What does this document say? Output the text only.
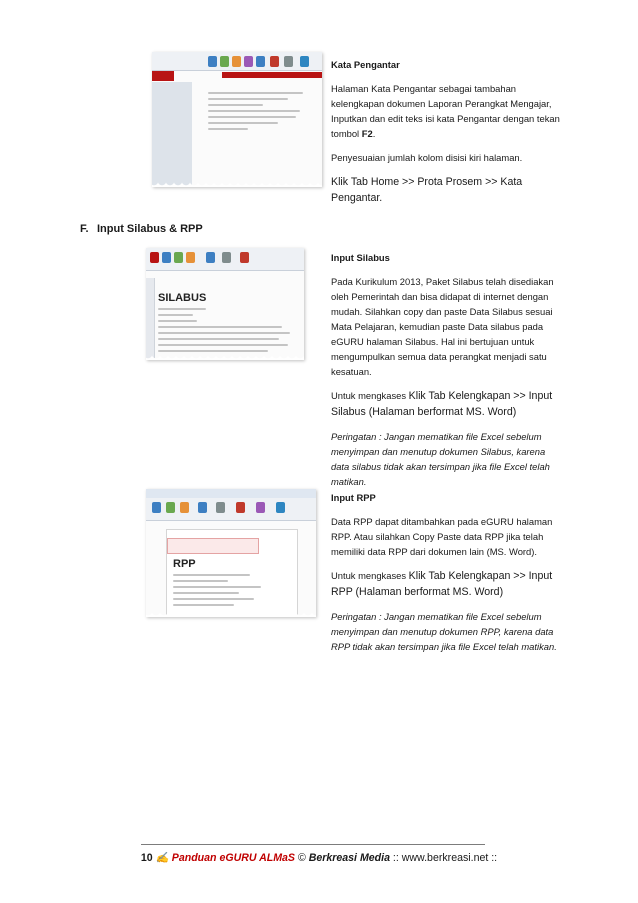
Kata Pengantar

Halaman Kata Pengantar sebagai tambahan kelengkapan dokumen Laporan Perangkat Mengajar, Inputkan dan edit teks isi kata Pengantar dengan tekan tombol F2.

Penyesuaian jumlah kolom disisi kiri halaman.

Klik Tab Home >> Prota Prosem >> Kata Pengantar.

F. Input Silabus & RPP
SILABUS

Input Silabus

Pada Kurikulum 2013, Paket Silabus telah disediakan oleh Pemerintah dan bisa didapat di internet dengan mudah. Silahkan copy dan paste Data Silabus sesuai Mata Pelajaran, kemudian paste Data silabus pada eGURU halaman Silabus. Hal ini bertujuan untuk mengumpulkan semua data perangkat menjadi satu kesatuan.

Untuk mengkases Klik Tab Kelengkapan >> Input Silabus (Halaman berformat MS. Word)

Peringatan : Jangan mematikan file Excel sebelum menyimpan dan menutup dokumen Silabus, karena data silabus tidak akan tersimpan jika file Excel telah matikan.

RPP

Input RPP

Data RPP dapat ditambahkan pada eGURU halaman RPP. Atau silahkan Copy Paste data RPP jika telah memiliki data RPP dari dokumen lain (MS. Word).

Untuk mengkases Klik Tab Kelengkapan >> Input RPP (Halaman berformat MS. Word)

Peringatan : Jangan mematikan file Excel sebelum menyimpan dan menutup dokumen RPP, karena data RPP tidak akan tersimpan jika file Excel telah matikan.

10 ✍ Panduan eGURU ALMaS © Berkreasi Media :: www.berkreasi.net ::
